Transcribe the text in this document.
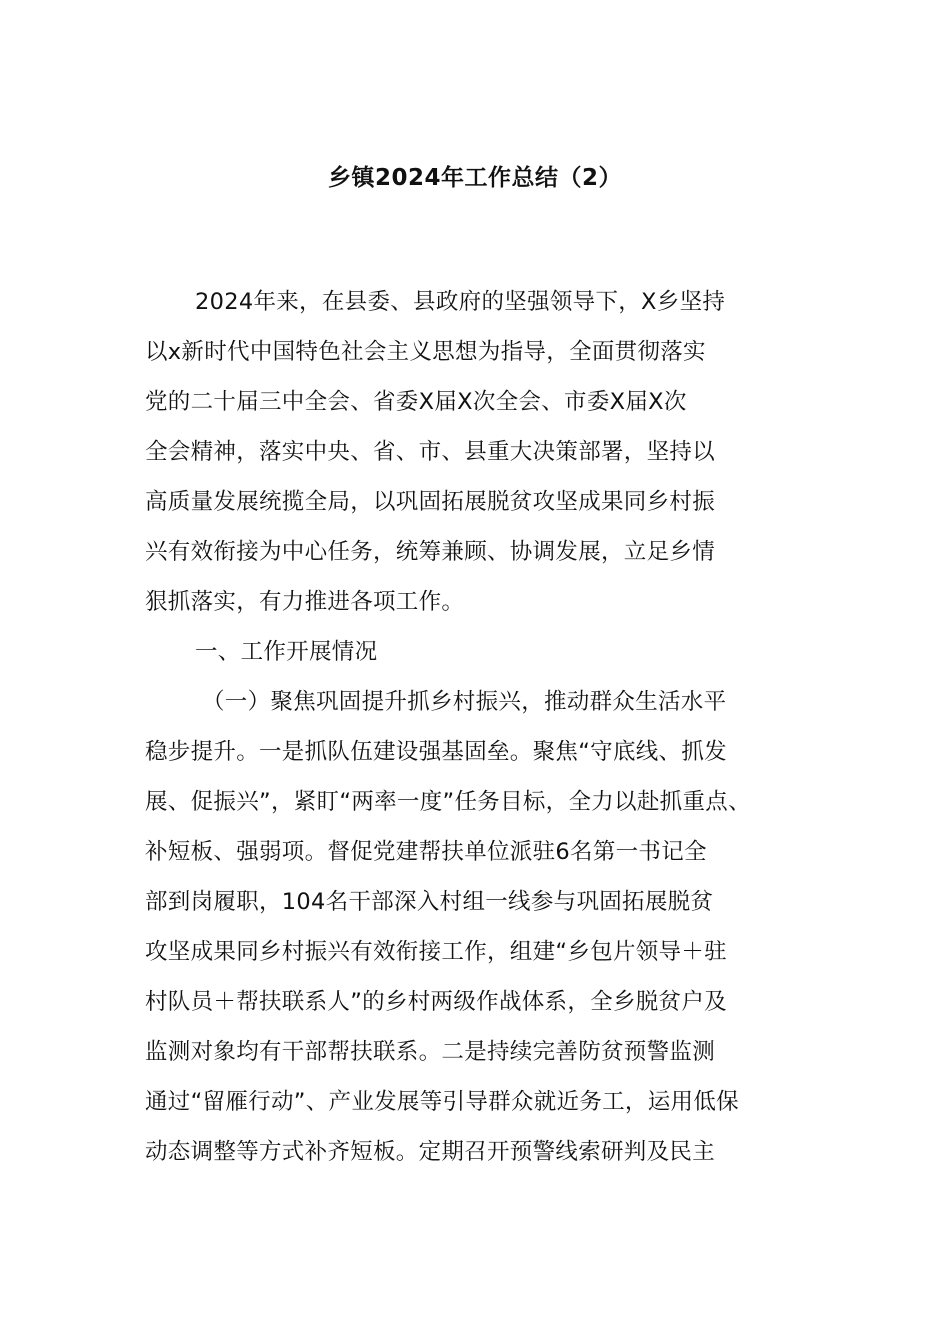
乡镇2024年工作总结（2）
2024年来，在县委、县政府的坚强领导下，X乡坚持
以x新时代中国特色社会主义思想为指导，全面贯彻落实
党的二十届三中全会、省委X届X次全会、市委X届X次
全会精神，落实中央、省、市、县重大决策部署，坚持以
高质量发展统揽全局，以巩固拓展脱贫攻坚成果同乡村振
兴有效衔接为中心任务，统筹兼顾、协调发展，立足乡情
狠抓落实，有力推进各项工作。
一、工作开展情况
（一）聚焦巩固提升抓乡村振兴，推动群众生活水平
稳步提升。一是抓队伍建设强基固垒。聚焦“守底线、抓发
展、促振兴”，紧盯“两率一度”任务目标，全力以赴抓重点、
补短板、强弱项。督促党建帮扶单位派驻6名第一书记全
部到岗履职，104名干部深入村组一线参与巩固拓展脱贫
攻坚成果同乡村振兴有效衔接工作，组建“乡包片领导＋驻
村队员＋帮扶联系人”的乡村两级作战体系，全乡脱贫户及
监测对象均有干部帮扶联系。二是持续完善防贫预警监测
通过“留雁行动”、产业发展等引导群众就近务工，运用低保
动态调整等方式补齐短板。定期召开预警线索研判及民主
